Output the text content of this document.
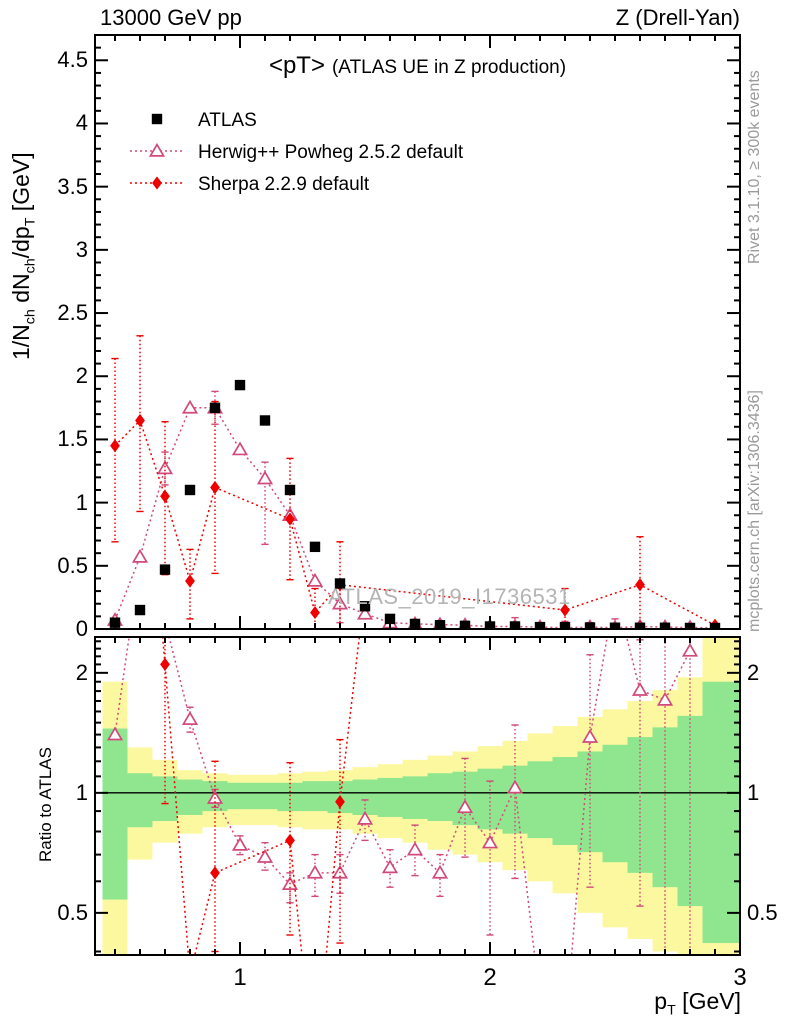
13000 GeV pp	Z (Drell-Yan)
<pT> (ATLAS UE in Z production)
ATLAS
Herwig++ Powheg 2.5.2 default
Sherpa 2.2.9 default
ATLAS_2019_I1736531
Rivet 3.1.10, ≥ 300k events
mcplots.cern.ch [arXiv:1306.3436]
$1/N_{ch}$ $dN_{ch}/dp_T$ [GeV]
Ratio to ATLAS
$p_T$ [GeV]
0
0.5
1
1.5
2
2.5
3
3.5
4
4.5
0.5	0.5
1	1
2	2
1	2	3
